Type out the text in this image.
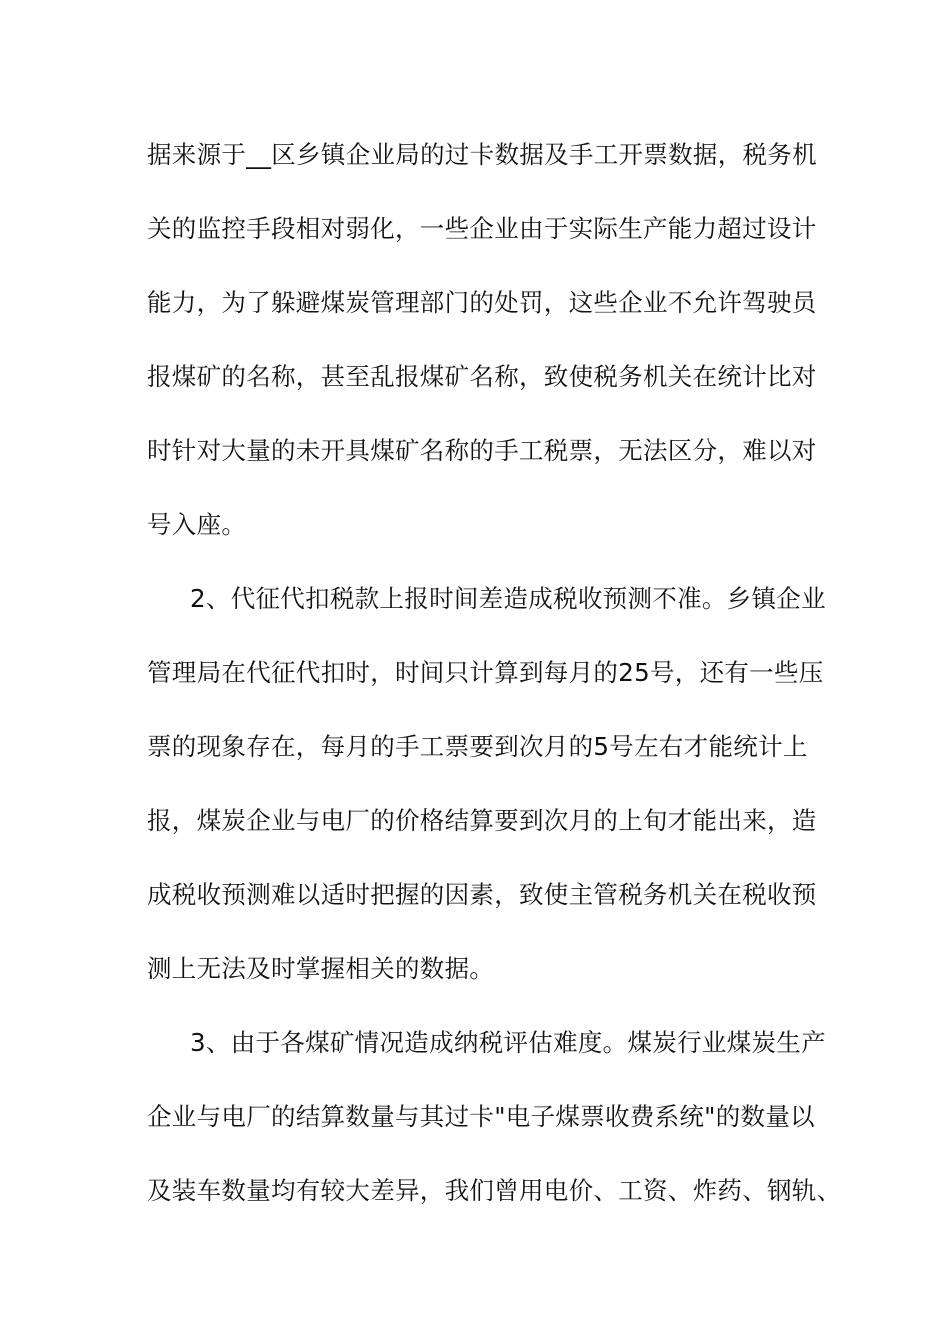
据来源于__区乡镇企业局的过卡数据及手工开票数据，税务机
关的监控手段相对弱化，一些企业由于实际生产能力超过设计
能力，为了躲避煤炭管理部门的处罚，这些企业不允许驾驶员
报煤矿的名称，甚至乱报煤矿名称，致使税务机关在统计比对
时针对大量的未开具煤矿名称的手工税票，无法区分，难以对
号入座。
2、代征代扣税款上报时间差造成税收预测不准。乡镇企业
管理局在代征代扣时，时间只计算到每月的25号，还有一些压
票的现象存在，每月的手工票要到次月的5号左右才能统计上
报，煤炭企业与电厂的价格结算要到次月的上旬才能出来，造
成税收预测难以适时把握的因素，致使主管税务机关在税收预
测上无法及时掌握相关的数据。
3、由于各煤矿情况造成纳税评估难度。煤炭行业煤炭生产
企业与电厂的结算数量与其过卡"电子煤票收费系统"的数量以
及装车数量均有较大差异，我们曾用电价、工资、炸药、钢轨、
